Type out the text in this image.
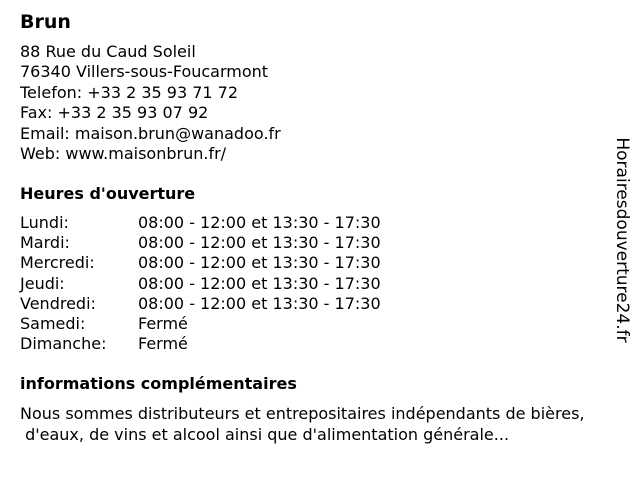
Brun
88 Rue du Caud Soleil
76340 Villers-sous-Foucarmont
Telefon: +33 2 35 93 71 72
Fax: +33 2 35 93 07 92
Email: maison.brun@wanadoo.fr
Web: www.maisonbrun.fr/
Heures d'ouverture
Lundi:	08:00 - 12:00 et 13:30 - 17:30
Mardi:	08:00 - 12:00 et 13:30 - 17:30
Mercredi:	08:00 - 12:00 et 13:30 - 17:30
Jeudi:	08:00 - 12:00 et 13:30 - 17:30
Vendredi:	08:00 - 12:00 et 13:30 - 17:30
Samedi:	Fermé
Dimanche: Fermé
informations complémentaires

Nous sommes distributeurs et entrepositaires indépendants de bières,
d'eaux, de vins et alcool ainsi que d'alimentation générale...

Horairesdouverture24.fr
